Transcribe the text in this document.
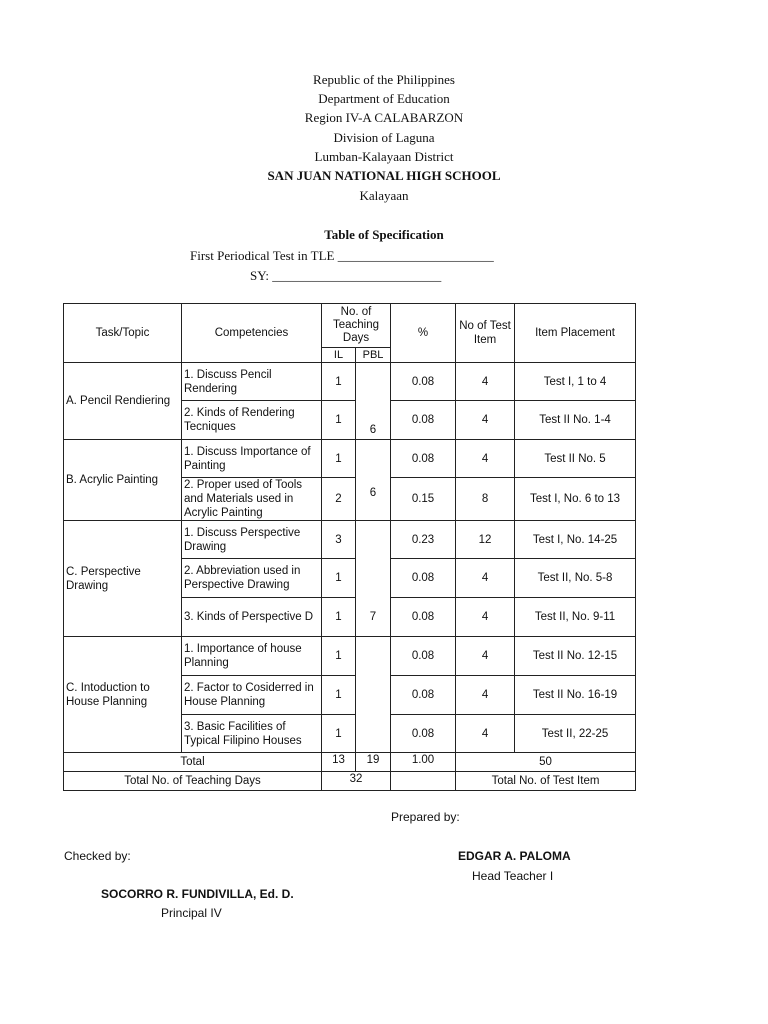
Republic of the Philippines
Department of Education
Region IV-A CALABARZON
Division of Laguna
Lumban-Kalayaan District
SAN JUAN NATIONAL HIGH SCHOOL
Kalayaan
Table of Specification
First Periodical Test in TLE ________________________
SY: __________________________
Task/Topic	Competencies	No. of Teaching Days		%	No of Test Item	Item Placement
		IL	PBL			
A. Pencil Rendiering	1. Discuss Pencil Rendering	1	6	0.08	4	Test I, 1 to 4
	2. Kinds of Rendering Tecniques	1		0.08	4	Test II No. 1-4
B. Acrylic Painting	1. Discuss Importance of Painting	1	6	0.08	4	Test II No. 5
	2. Proper used of Tools and Materials used in Acrylic Painting	2		0.15	8	Test I, No. 6 to 13
C. Perspective Drawing	1. Discuss Perspective Drawing	3	7	0.23	12	Test I, No. 14-25
	2. Abbreviation used in Perspective Drawing	1		0.08	4	Test II, No. 5-8
	3. Kinds of Perspective D	1		0.08	4	Test II, No. 9-11
C. Intoduction to House Planning	1. Importance of house Planning	1		0.08	4	Test II No. 12-15
	2. Factor to Cosiderred in House Planning	1		0.08	4	Test II No. 16-19
	3. Basic Facilities of Typical Filipino Houses	1		0.08	4	Test II, 22-25
Total		13	19	1.00	50	
Total No. of Teaching Days		32			Total No. of Test Item	
Prepared by:
Checked by:	EDGAR A. PALOMA
Head Teacher I
SOCORRO R. FUNDIVILLA, Ed. D.
Principal IV
